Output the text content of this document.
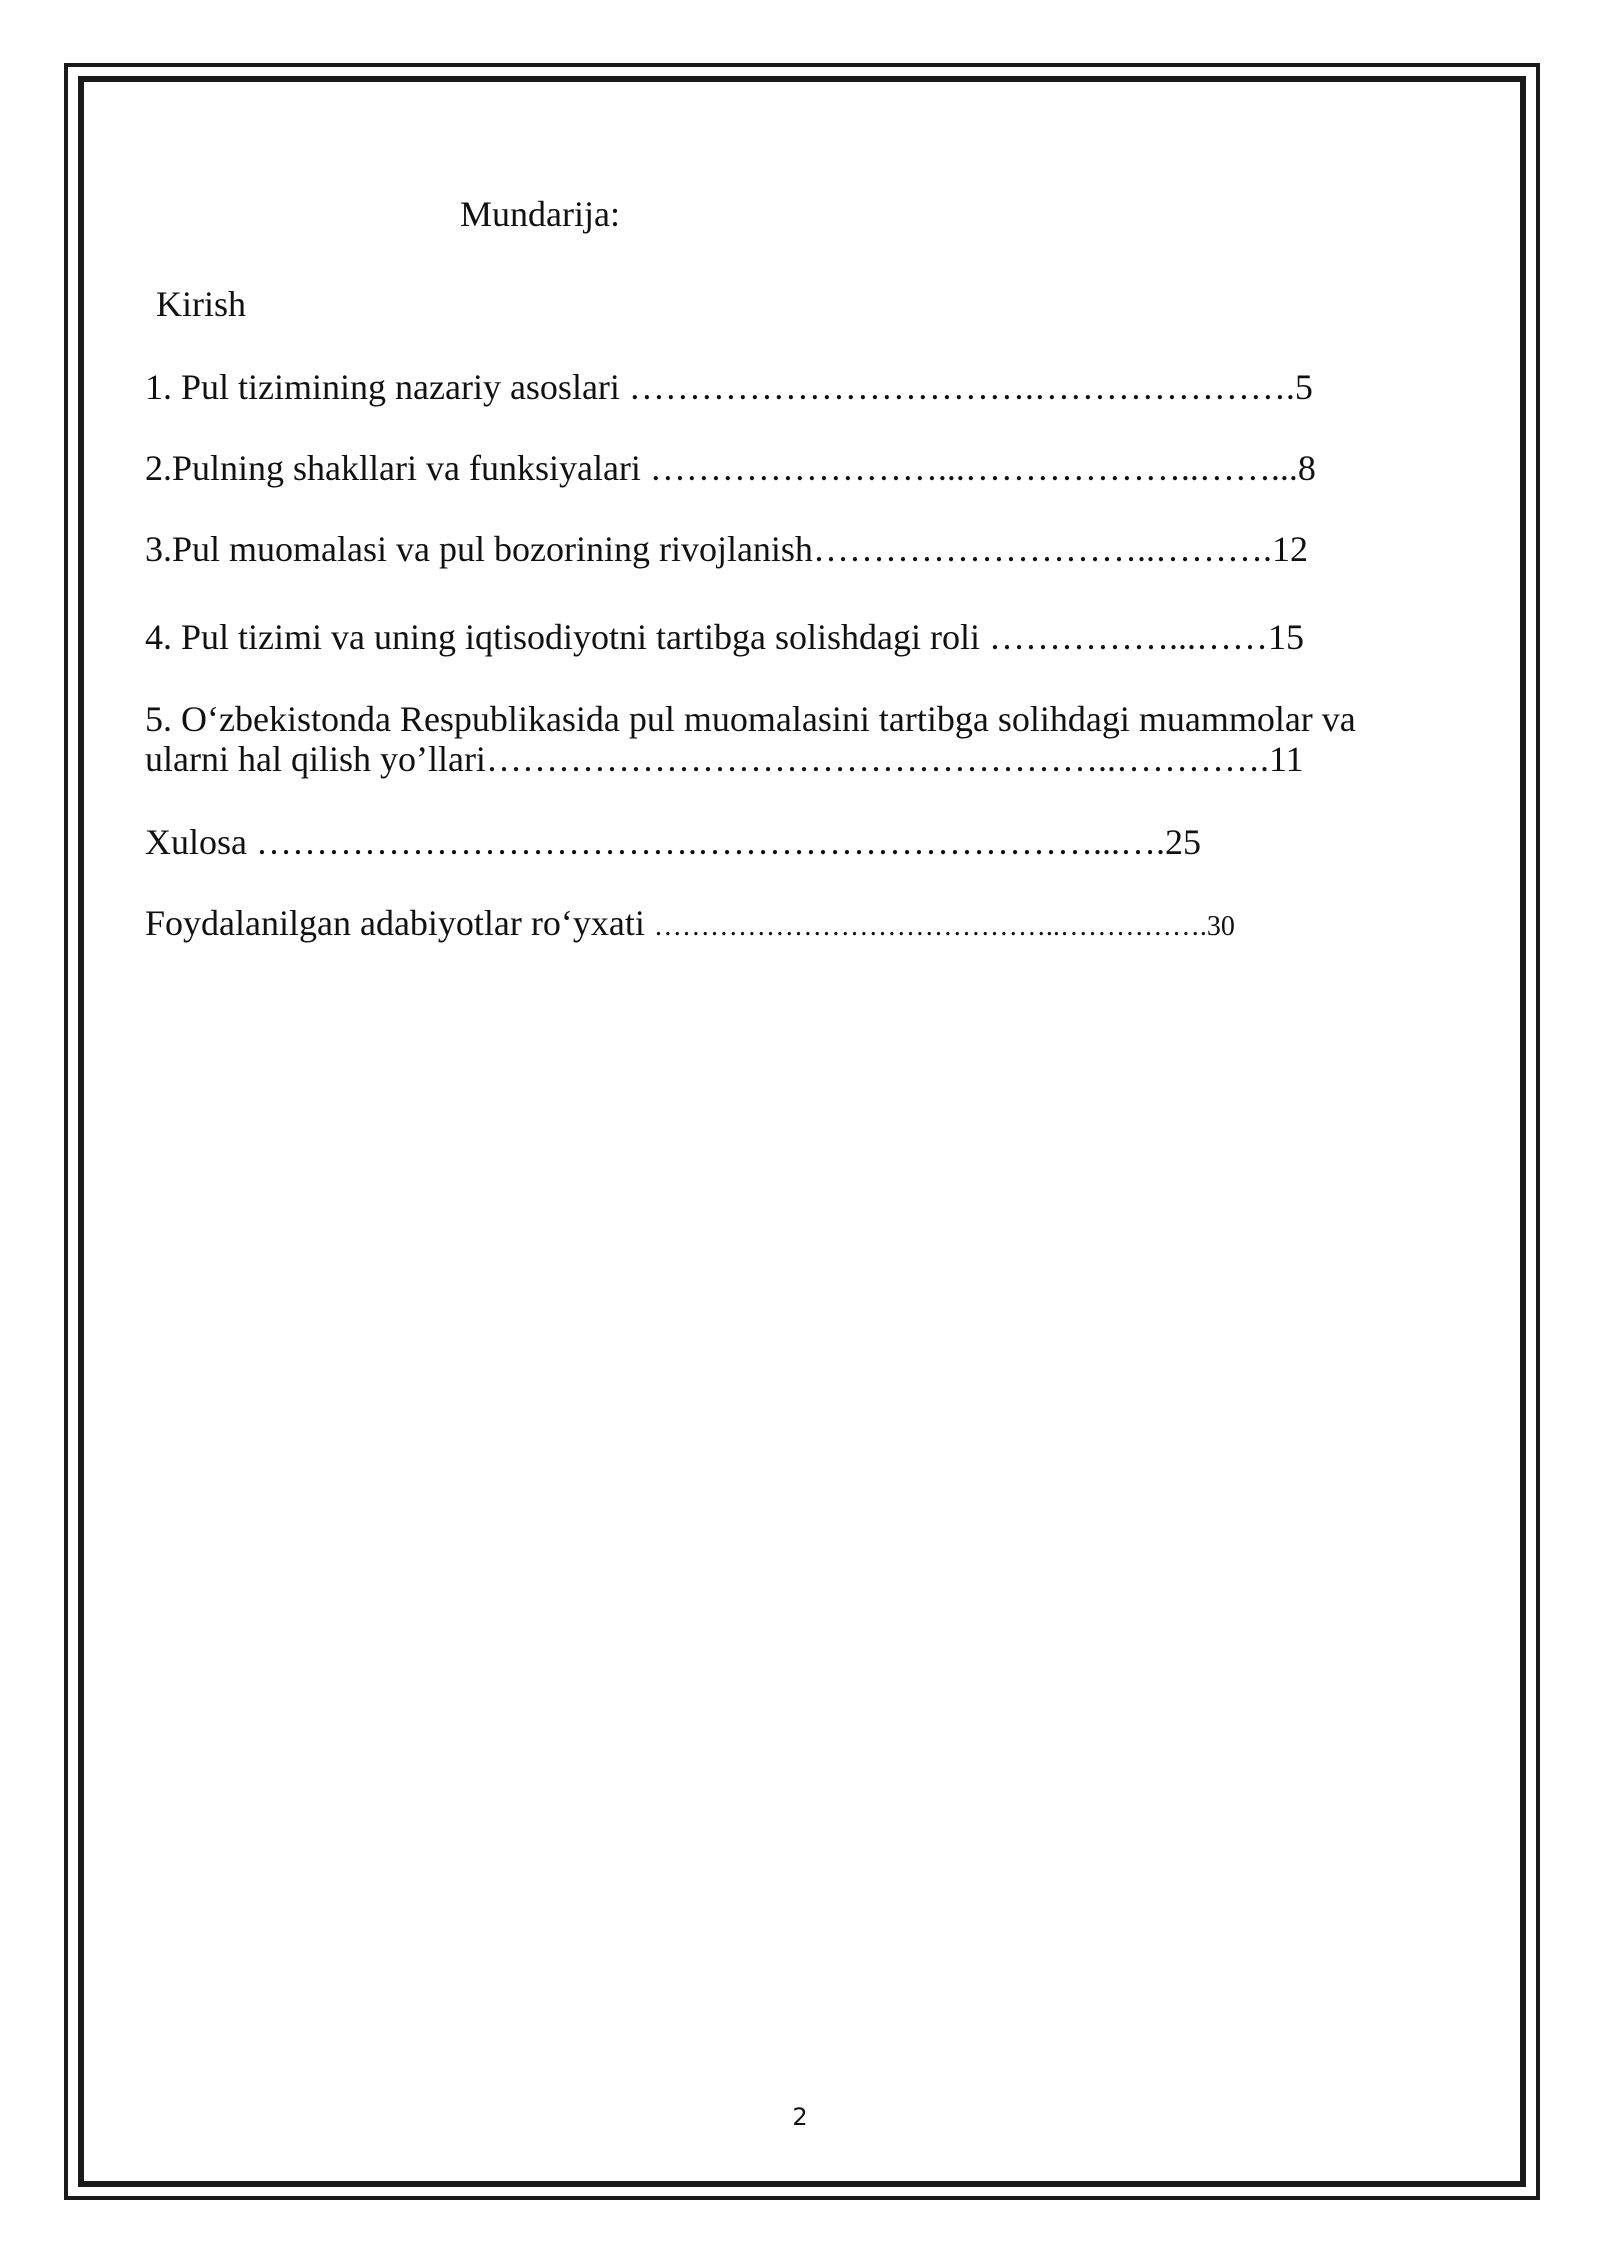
Mundarija:
Kirish
1. Pul tizimining nazariy asoslari …………………………….………………….5
2.Pulning shakllari va funksiyalari ……………………...………………..……...8
3.Pul muomalasi va pul bozorining rivojlanish………………………..……….12
4. Pul tizimi va uning iqtisodiyotni tartibga solishdagi roli ……………...……15
5. O‘zbekistonda Respublikasida pul muomalasini tartibga solihdagi muammolar va ularni hal qilish yo’llari……………………………………………..………….11
Xulosa ……………………………….……………………………...….25
Foydalanilgan adabiyotlar ro‘yxati ……………………………………..…………….30
2
